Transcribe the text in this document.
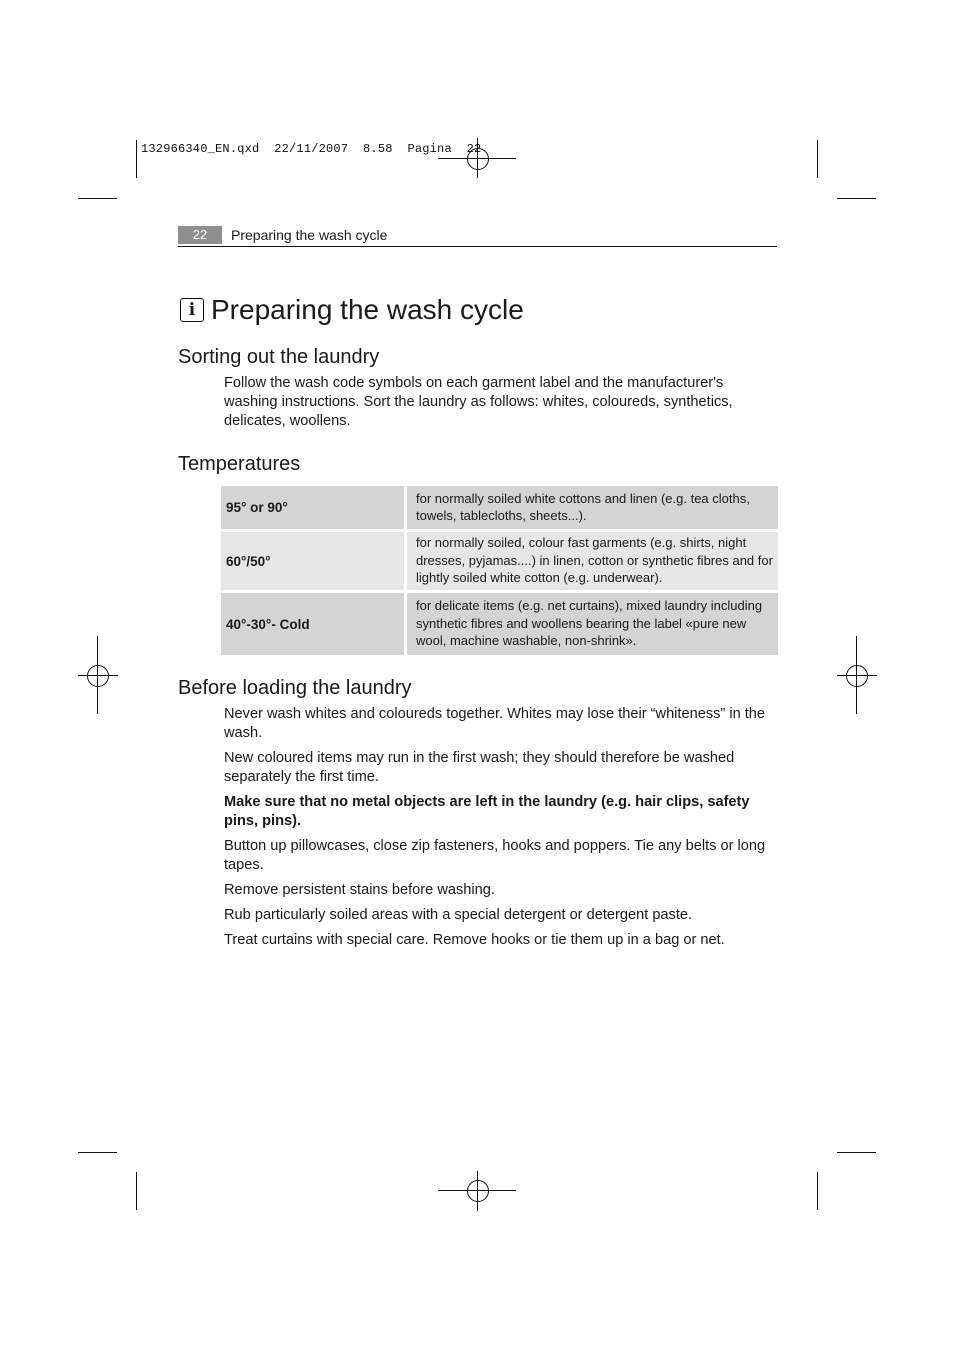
132966340_EN.qxd  22/11/2007  8.58  Pagina  22
22	Preparing the wash cycle
i Preparing the wash cycle
Sorting out the laundry

Follow the wash code symbols on each garment label and the manufacturer's washing instructions. Sort the laundry as follows: whites, coloureds, synthetics, delicates, woollens.

Temperatures
95° or 90°	for normally soiled white cottons and linen (e.g. tea cloths, towels, tablecloths, sheets...).
60°/50°	for normally soiled, colour fast garments (e.g. shirts, night dresses, pyjamas....) in linen, cotton or synthetic fibres and for lightly soiled white cotton (e.g. underwear).
40°-30°- Cold	for delicate items (e.g. net curtains), mixed laundry including synthetic fibres and woollens bearing the label «pure new wool, machine washable, non-shrink».
Before loading the laundry

Never wash whites and coloureds together. Whites may lose their “whiteness” in the wash.

New coloured items may run in the first wash; they should therefore be washed separately the first time.

Make sure that no metal objects are left in the laundry (e.g. hair clips, safety pins, pins).

Button up pillowcases, close zip fasteners, hooks and poppers. Tie any belts or long tapes.

Remove persistent stains before washing.

Rub particularly soiled areas with a special detergent or detergent paste.

Treat curtains with special care. Remove hooks or tie them up in a bag or net.
